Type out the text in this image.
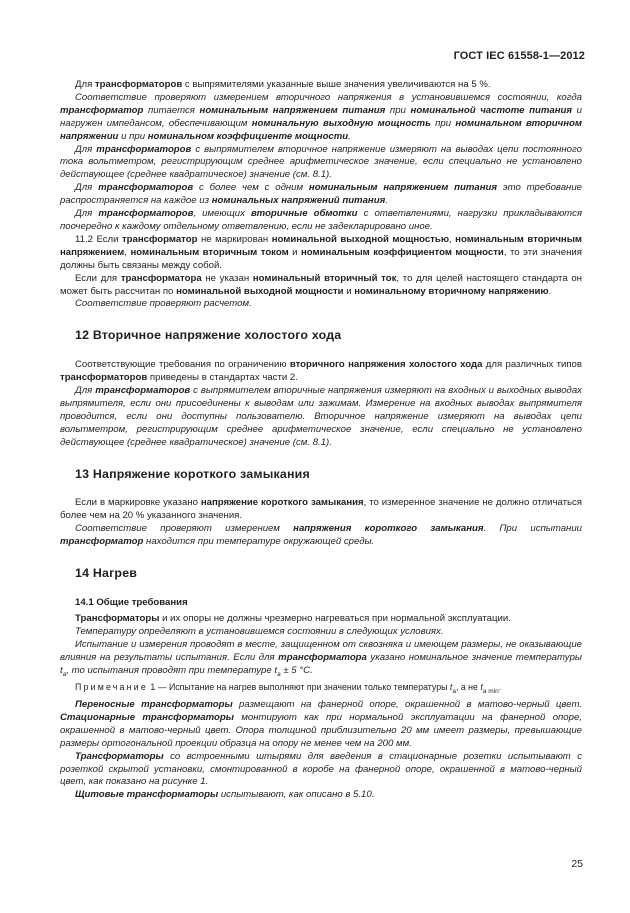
ГОСТ IEC 61558-1—2012

Для трансформаторов с выпрямителями указанные выше значения увеличиваются на 5 %.

Соответствие проверяют измерением вторичного напряжения в установившемся состоянии, когда трансформатор питается номинальным напряжением питания при номинальной частоте питания и нагружен импедансом, обеспечивающим номинальную выходную мощность при номинальном вторичном напряжении и при номинальном коэффициенте мощности.

Для трансформаторов с выпрямителем вторичное напряжение измеряют на выводах цепи постоянного тока вольтметром, регистрирующим среднее арифметическое значение, если специально не установлено действующее (среднее квадратическое) значение (см. 8.1).

Для трансформаторов с более чем с одним номинальным напряжением питания это требование распространяется на каждое из номинальных напряжений питания.

Для трансформаторов, имеющих вторичные обмотки с ответвлениями, нагрузки прикладываются поочередно к каждому отдельному ответвлению, если не задекларировано иное.

11.2 Если трансформатор не маркирован номинальной выходной мощностью, номинальным вторичным напряжением, номинальным вторичным током и номинальным коэффициентом мощности, то эти значения должны быть связаны между собой.

Если для трансформатора не указан номинальный вторичный ток, то для целей настоящего стандарта он может быть рассчитан по номинальной выходной мощности и номинальному вторичному напряжению.

Соответствие проверяют расчетом.

12 Вторичное напряжение холостого хода

Соответствующие требования по ограничению вторичного напряжения холостого хода для различных типов трансформаторов приведены в стандартах части 2.

Для трансформаторов с выпрямителем вторичные напряжения измеряют на входных и выходных выводах выпрямителя, если они присоединены к выводам или зажимам. Измерение на входных выводах выпрямителя проводится, если они доступны пользователю. Вторичное напряжение измеряют на выводах цепи вольтметром, регистрирующим среднее арифметическое значение, если специально не установлено действующее (среднее квадратическое) значение (см. 8.1).

13 Напряжение короткого замыкания

Если в маркировке указано напряжение короткого замыкания, то измеренное значение не должно отличаться более чем на 20 % указанного значения.

Соответствие проверяют измерением напряжения короткого замыкания. При испытании трансформатор находится при температуре окружающей среды.

14 Нагрев
14.1 Общие требования

Трансформаторы и их опоры не должны чрезмерно нагреваться при нормальной эксплуатации.

Температуру определяют в установившемся состоянии в следующих условиях.

Испытание и измерения проводят в месте, защищенном от сквозняка и имеющем размеры, не оказывающие влияния на результаты испытания. Если для трансформатора указано номинальное значение температуры $t_a$, то испытания проводят при температуре $t_a \pm 5$ °С.

Примечание 1 — Испытание на нагрев выполняют при значении только температуры $t_a$, а не $t_{a min}$.

Переносные трансформаторы размещают на фанерной опоре, окрашенной в матово-черный цвет. Стационарные трансформаторы монтируют как при нормальной эксплуатации на фанерной опоре, окрашенной в матово-черный цвет. Опора толщиной приблизительно 20 мм имеет размеры, превышающие размеры ортогональной проекции образца на опору не менее чем на 200 мм.

Трансформаторы со встроенными штырями для введения в стационарные розетки испытывают с розеткой скрытой установки, смонтированной в коробе на фанерной опоре, окрашенной в матово-черный цвет, как показано на рисунке 1.

Щитовые трансформаторы испытывают, как описано в 5.10.

25
